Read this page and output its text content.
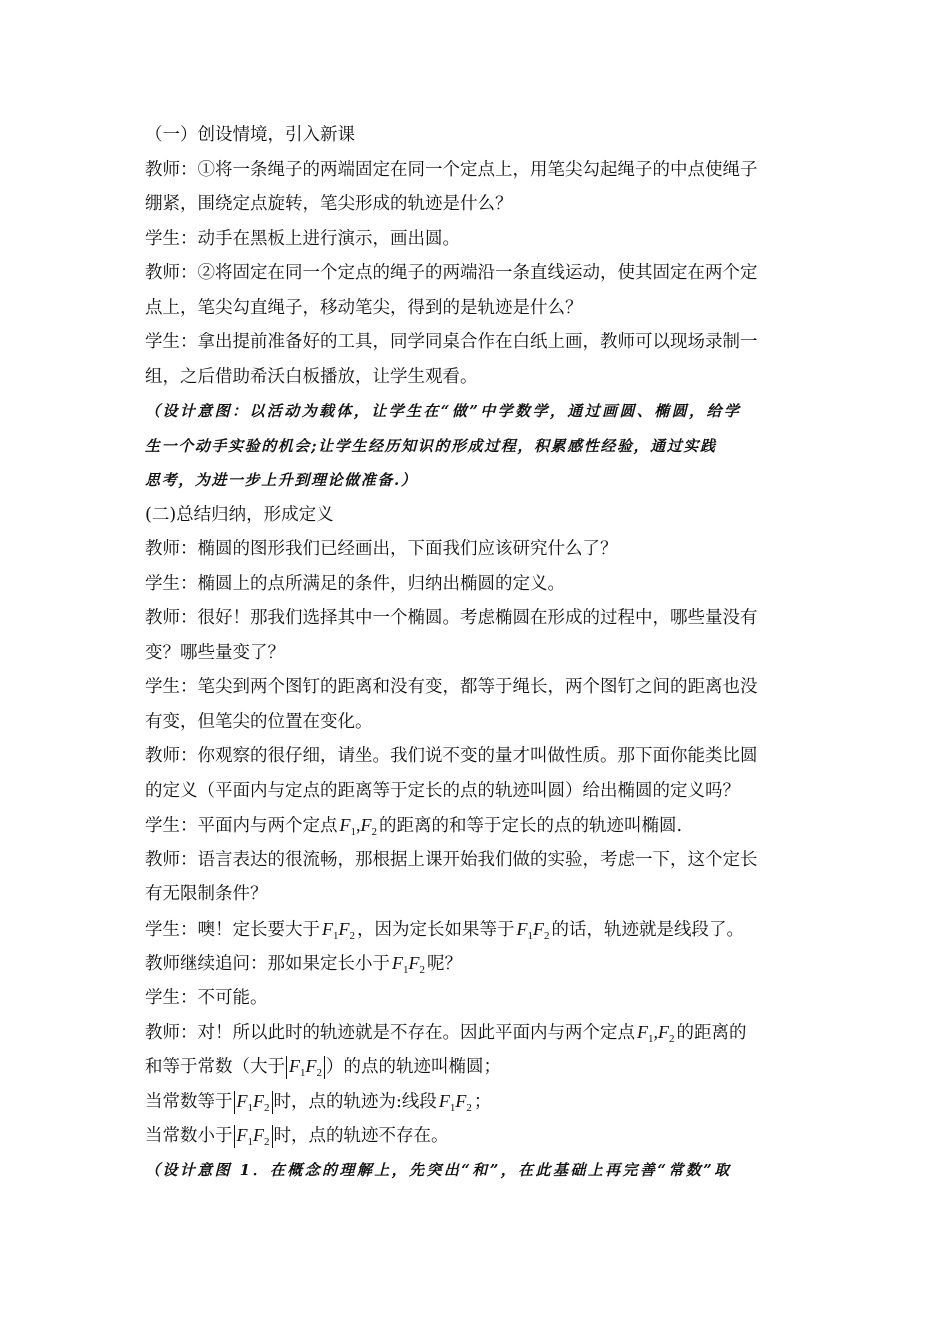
（一）创设情境，引入新课
教师：①将一条绳子的两端固定在同一个定点上，用笔尖勾起绳子的中点使绳子
绷紧，围绕定点旋转，笔尖形成的轨迹是什么？
学生：动手在黑板上进行演示，画出圆。
教师：②将固定在同一个定点的绳子的两端沿一条直线运动，使其固定在两个定
点上，笔尖勾直绳子，移动笔尖，得到的是轨迹是什么？
学生：拿出提前准备好的工具，同学同桌合作在白纸上画，教师可以现场录制一
组，之后借助希沃白板播放，让学生观看。
（设计意图：以活动为载体，让学生在“做”中学数学，通过画圆、椭圆，给学
生一个动手实验的机会;让学生经历知识的形成过程，积累感性经验，通过实践
思考，为进一步上升到理论做准备.）
(二)总结归纳，形成定义
教师：椭圆的图形我们已经画出，下面我们应该研究什么了？
学生：椭圆上的点所满足的条件，归纳出椭圆的定义。
教师：很好！那我们选择其中一个椭圆。考虑椭圆在形成的过程中，哪些量没有
变？哪些量变了？
学生：笔尖到两个图钉的距离和没有变，都等于绳长，两个图钉之间的距离也没
有变，但笔尖的位置在变化。
教师：你观察的很仔细，请坐。我们说不变的量才叫做性质。那下面你能类比圆
的定义（平面内与定点的距离等于定长的点的轨迹叫圆）给出椭圆的定义吗？
学生：平面内与两个定点 $F_1,F_2$ 的距离的和等于定长的点的轨迹叫椭圆.
教师：语言表达的很流畅，那根据上课开始我们做的实验，考虑一下，这个定长
有无限制条件？
学生：噢！定长要大于 $F_1F_2$ ，因为定长如果等于 $F_1F_2$ 的话，轨迹就是线段了。
教师继续追问：那如果定长小于 $F_1F_2$ 呢？
学生：不可能。
教师：对！所以此时的轨迹就是不存在。因此平面内与两个定点 $F_1,F_2$ 的距离的
和等于常数（大于 $F_1F_2$ ）的点的轨迹叫椭圆；
当常数等于 $F_1F_2$ 时，点的轨迹为:线段 $F_1F_2$ ；
当常数小于 $F_1F_2$ 时，点的轨迹不存在。
（设计意图 1．在概念的理解上，先突出“和”，在此基础上再完善“常数”取
